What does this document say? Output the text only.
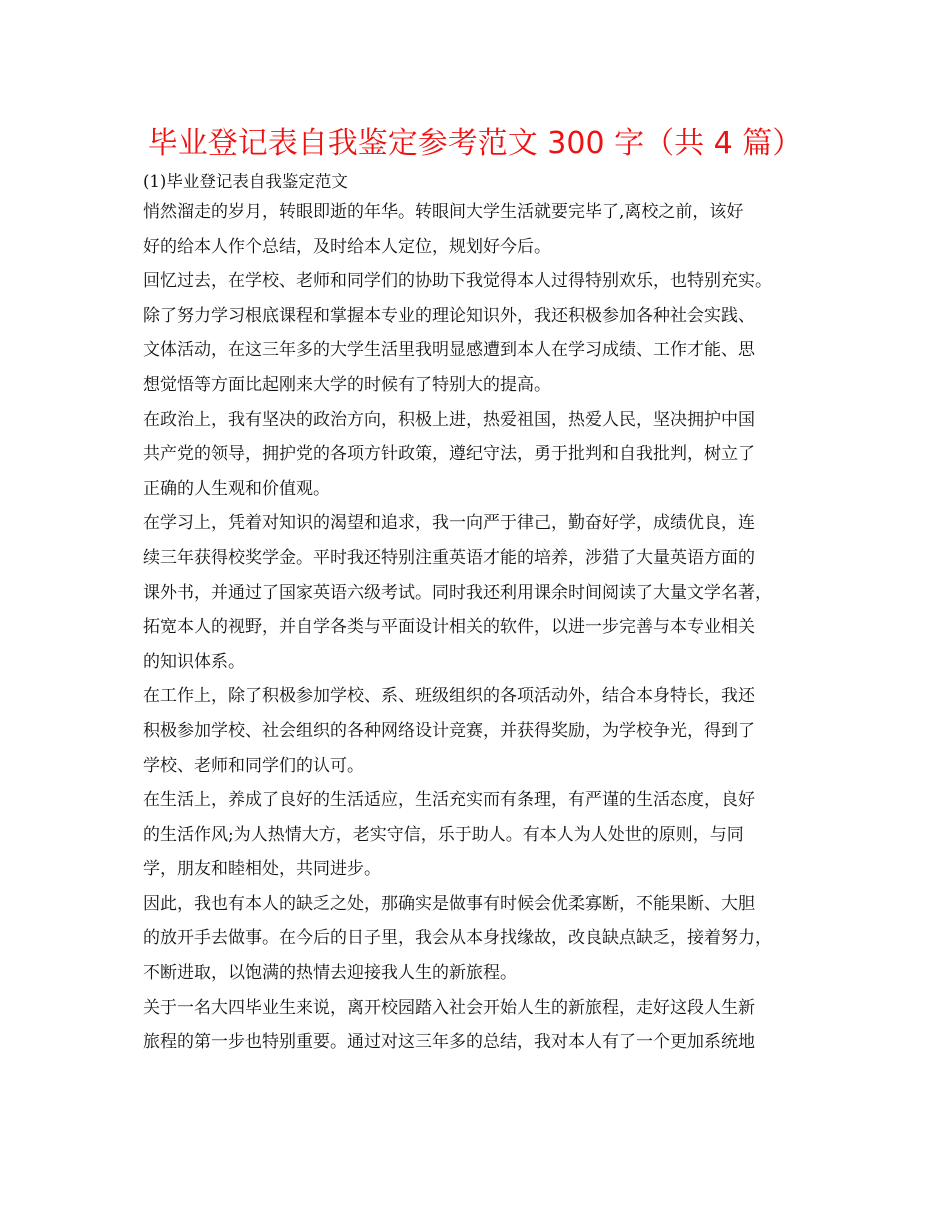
毕业登记表自我鉴定参考范文 300 字（共 4 篇）
(1)毕业登记表自我鉴定范文
悄然溜走的岁月，转眼即逝的年华。转眼间大学生活就要完毕了,离校之前，该好
好的给本人作个总结，及时给本人定位，规划好今后。
回忆过去，在学校、老师和同学们的协助下我觉得本人过得特别欢乐，也特别充实。
除了努力学习根底课程和掌握本专业的理论知识外，我还积极参加各种社会实践、
文体活动，在这三年多的大学生活里我明显感遭到本人在学习成绩、工作才能、思
想觉悟等方面比起刚来大学的时候有了特别大的提高。
在政治上，我有坚决的政治方向，积极上进，热爱祖国，热爱人民，坚决拥护中国
共产党的领导，拥护党的各项方针政策，遵纪守法，勇于批判和自我批判，树立了
正确的人生观和价值观。
在学习上，凭着对知识的渴望和追求，我一向严于律己，勤奋好学，成绩优良，连
续三年获得校奖学金。平时我还特别注重英语才能的培养，涉猎了大量英语方面的
课外书，并通过了国家英语六级考试。同时我还利用课余时间阅读了大量文学名著，
拓宽本人的视野，并自学各类与平面设计相关的软件，以进一步完善与本专业相关
的知识体系。
在工作上，除了积极参加学校、系、班级组织的各项活动外，结合本身特长，我还
积极参加学校、社会组织的各种网络设计竞赛，并获得奖励，为学校争光，得到了
学校、老师和同学们的认可。
在生活上，养成了良好的生活适应，生活充实而有条理，有严谨的生活态度，良好
的生活作风;为人热情大方，老实守信，乐于助人。有本人为人处世的原则，与同
学，朋友和睦相处，共同进步。
因此，我也有本人的缺乏之处，那确实是做事有时候会优柔寡断，不能果断、大胆
的放开手去做事。在今后的日子里，我会从本身找缘故，改良缺点缺乏，接着努力，
不断进取，以饱满的热情去迎接我人生的新旅程。
关于一名大四毕业生来说，离开校园踏入社会开始人生的新旅程，走好这段人生新
旅程的第一步也特别重要。通过对这三年多的总结，我对本人有了一个更加系统地
